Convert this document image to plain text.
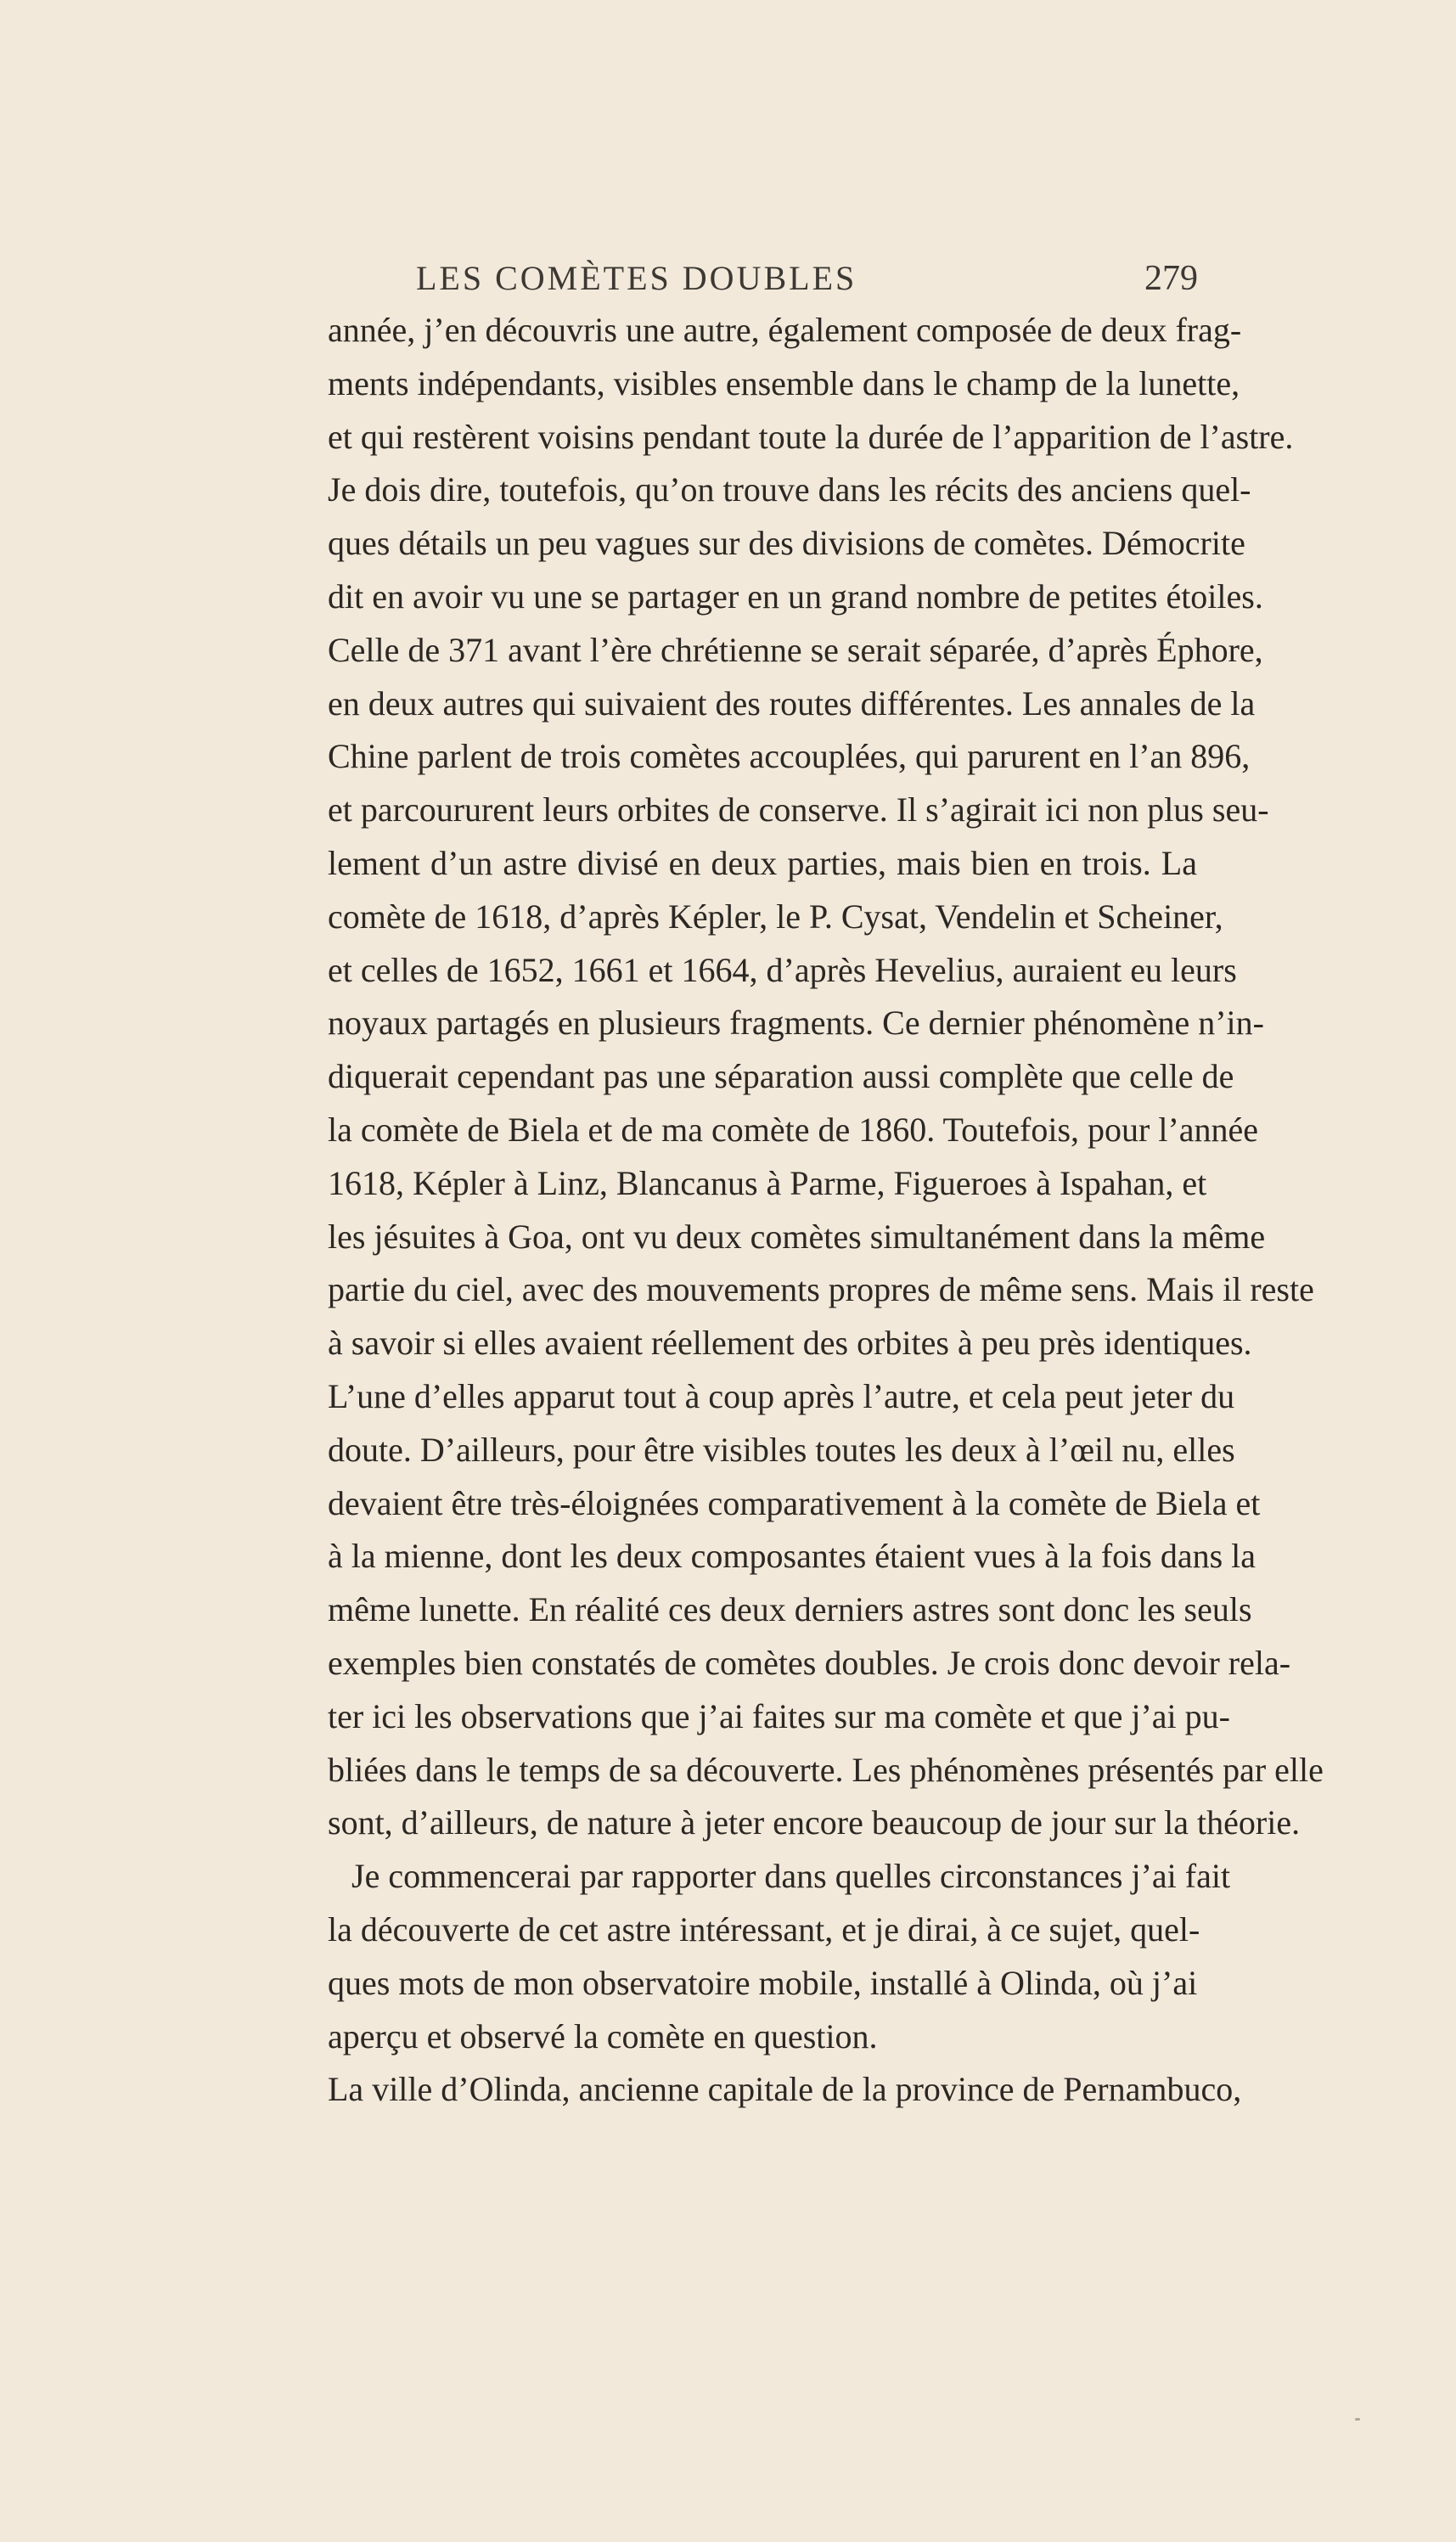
LES COMÈTES DOUBLES	279
année, j’en découvris une autre, également composée de deux frag-
ments indépendants, visibles ensemble dans le champ de la lunette,
et qui restèrent voisins pendant toute la durée de l’apparition de l’astre.
Je dois dire, toutefois, qu’on trouve dans les récits des anciens quel-
ques détails un peu vagues sur des divisions de comètes. Démocrite
dit en avoir vu une se partager en un grand nombre de petites étoiles.
Celle de 371 avant l’ère chrétienne se serait séparée, d’après Éphore,
en deux autres qui suivaient des routes différentes. Les annales de la
Chine parlent de trois comètes accouplées, qui parurent en l’an 896,
et parcoururent leurs orbites de conserve. Il s’agirait ici non plus seu-
lement d’un astre divisé en deux parties, mais bien en trois. La
comète de 1618, d’après Képler, le P. Cysat, Vendelin et Scheiner,
et celles de 1652, 1661 et 1664, d’après Hevelius, auraient eu leurs
noyaux partagés en plusieurs fragments. Ce dernier phénomène n’in-
diquerait cependant pas une séparation aussi complète que celle de
la comète de Biela et de ma comète de 1860. Toutefois, pour l’année
1618, Képler à Linz, Blancanus à Parme, Figueroes à Ispahan, et
les jésuites à Goa, ont vu deux comètes simultanément dans la même
partie du ciel, avec des mouvements propres de même sens. Mais il reste
à savoir si elles avaient réellement des orbites à peu près identiques.
L’une d’elles apparut tout à coup après l’autre, et cela peut jeter du
doute. D’ailleurs, pour être visibles toutes les deux à l’œil nu, elles
devaient être très-éloignées comparativement à la comète de Biela et
à la mienne, dont les deux composantes étaient vues à la fois dans la
même lunette. En réalité ces deux derniers astres sont donc les seuls
exemples bien constatés de comètes doubles. Je crois donc devoir rela-
ter ici les observations que j’ai faites sur ma comète et que j’ai pu-
bliées dans le temps de sa découverte. Les phénomènes présentés par elle
sont, d’ailleurs, de nature à jeter encore beaucoup de jour sur la théorie.
Je commencerai par rapporter dans quelles circonstances j’ai fait
la découverte de cet astre intéressant, et je dirai, à ce sujet, quel-
ques mots de mon observatoire mobile, installé à Olinda, où j’ai
aperçu et observé la comète en question.
La ville d’Olinda, ancienne capitale de la province de Pernambuco,
